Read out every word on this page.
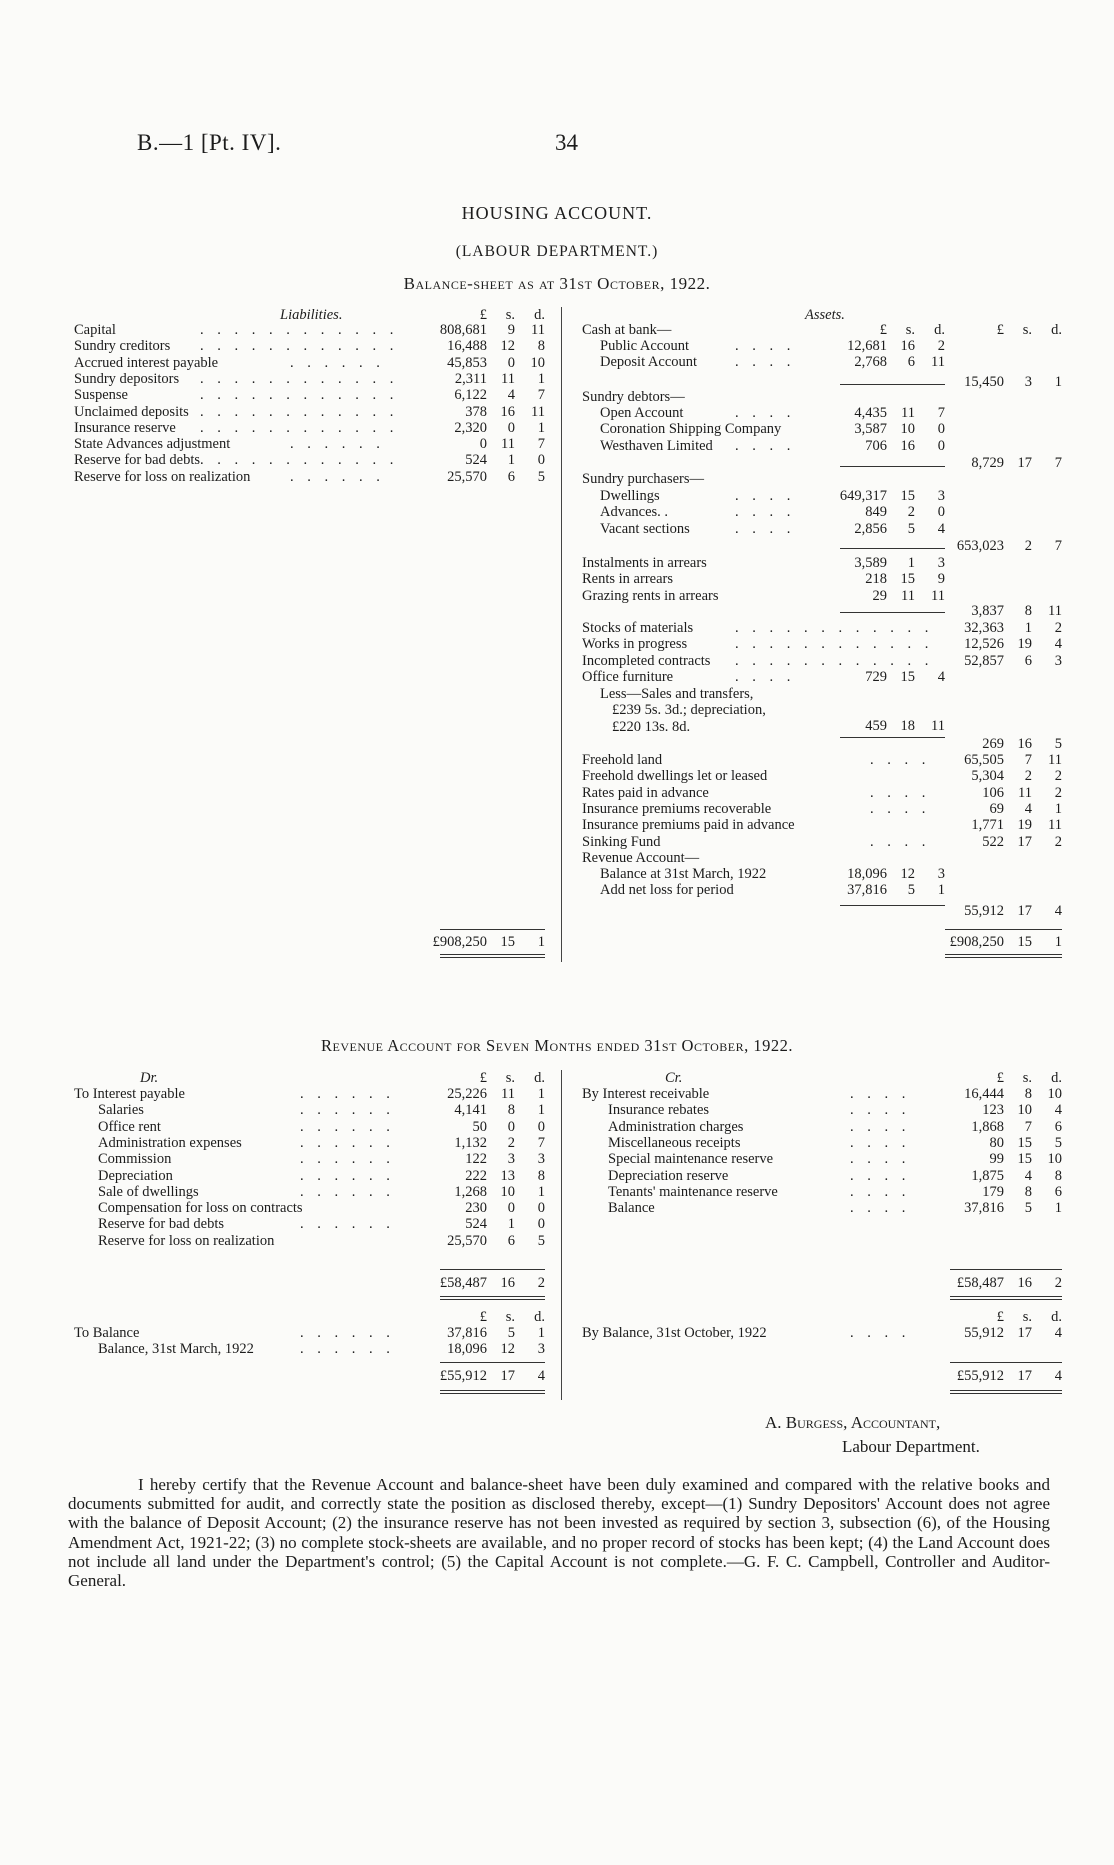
B.—1 [Pt. IV].	34
HOUSING ACCOUNT.
(LABOUR DEPARTMENT.)
Balance-sheet as at 31st October, 1922.
Liabilities.	£	s.	d.
Capital	. . . . . . . . . . . .	808,681	9	11
Sundry creditors . . . . . . . . . . . .	16,488 12	8
Accrued interest payable	. . . . . .	45,853	0	10
Sundry depositors . . . . . . . . . . . .	2,311 11	1
Suspense	. . . . . . . . . . . .	6,122	4	7
Unclaimed deposits . . . . . . . . . . . .	378 16	11
Insurance reserve . . . . . . . . . . . .	2,320	0	1
State Advances adjustment	. . . . . .	0 11	7
Reserve for bad debts . . . . . . . . . . . .	524	1	0
Reserve for loss on realization	. . . . . .	25,570	6	5
£908,250 15	1
Assets.
£	s.	d.	£	s.	d.
Cash at bank—
Public Account	. . . .	12,681 16	2
Deposit Account	. . . .	2,768	6	11
15,450	3	1
Sundry debtors—
Open Account	. . . .	4,435 11	7
Coronation Shipping Company	3,587 10	0
Westhaven Limited . . . .	706 16	0
8,729 17	7
Sundry purchasers—
Dwellings	. . . .	649,317 15	3
Advances. .	. . . .	849	2	0
Vacant sections	. . . .	2,856	5	4
653,023	2	7
Instalments in arrears	3,589	1	3
Rents in arrears	218 15	9
Grazing rents in arrears	29 11	11
3,837	8	11
Stocks of materials	. . . . . . . . . . . .	32,363	1	2
Works in progress	. . . . . . . . . . . .	12,526 19	4
Incompleted contracts . . . . . . . . . . . .	52,857	6	3
Office furniture	. . . .	729 15	4
Less—Sales and transfers,
£239 5s. 3d.; depreciation,
£220 13s. 8d.	459 18	11
269 16	5
Freehold land	. . . .	65,505	7	11
Freehold dwellings let or leased	5,304	2	2
Rates paid in advance	. . . .	106 11	2
Insurance premiums recoverable	. . . .	69	4	1
Insurance premiums paid in advance	1,771 19	11
Sinking Fund	. . . .	522 17	2
Revenue Account—
Balance at 31st March, 1922	18,096 12	3
Add net loss for period	37,816	5	1
55,912 17	4
£908,250 15	1
Revenue Account for Seven Months ended 31st October, 1922.
Dr.	Cr.
£	s.	d.	£	s.	d.
To Interest payable	. . . . . .	25,226 11	1
Salaries	. . . . . .	4,141	8	1
Office rent	. . . . . .	50	0	0
Administration expenses	. . . . . .	1,132	2	7
Commission	. . . . . .	122	3	3
Depreciation	. . . . . .	222 13	8
Sale of dwellings	. . . . . .	1,268 10	1
Compensation for loss on contracts	230	0	0
Reserve for bad debts	. . . . . .	524	1	0
Reserve for loss on realization	25,570	6	5
£58,487 16	2
By Interest receivable	. . . .	16,444	8	10
Insurance rebates	. . . .	123 10	4
Administration charges	. . . .	1,868	7	6
Miscellaneous receipts	. . . .	80 15	5
Special maintenance reserve	. . . .	99 15	10
Depreciation reserve	. . . .	1,875	4	8
Tenants' maintenance reserve	. . . .	179	8	6
Balance	. . . .	37,816	5	1
£58,487 16	2
£	s.	d.	£	s.	d.
To Balance	. . . . . .	37,816	5	1
Balance, 31st March, 1922	. . . . . .	18,096 12	3
£55,912 17	4
By Balance, 31st October, 1922	. . . .	55,912 17	4
£55,912 17	4
A. Burgess, Accountant,
Labour Department.
I hereby certify that the Revenue Account and balance-sheet have been duly examined and compared with the relative books and documents submitted for audit, and correctly state the position as disclosed thereby, except—(1) Sundry Depositors' Account does not agree with the balance of Deposit Account; (2) the insurance reserve has not been invested as required by section 3, subsection (6), of the Housing Amendment Act, 1921-22; (3) no complete stock-sheets are available, and no proper record of stocks has been kept; (4) the Land Account does not include all land under the Department's control; (5) the Capital Account is not complete.—G. F. C. Campbell, Controller and Auditor-General.
